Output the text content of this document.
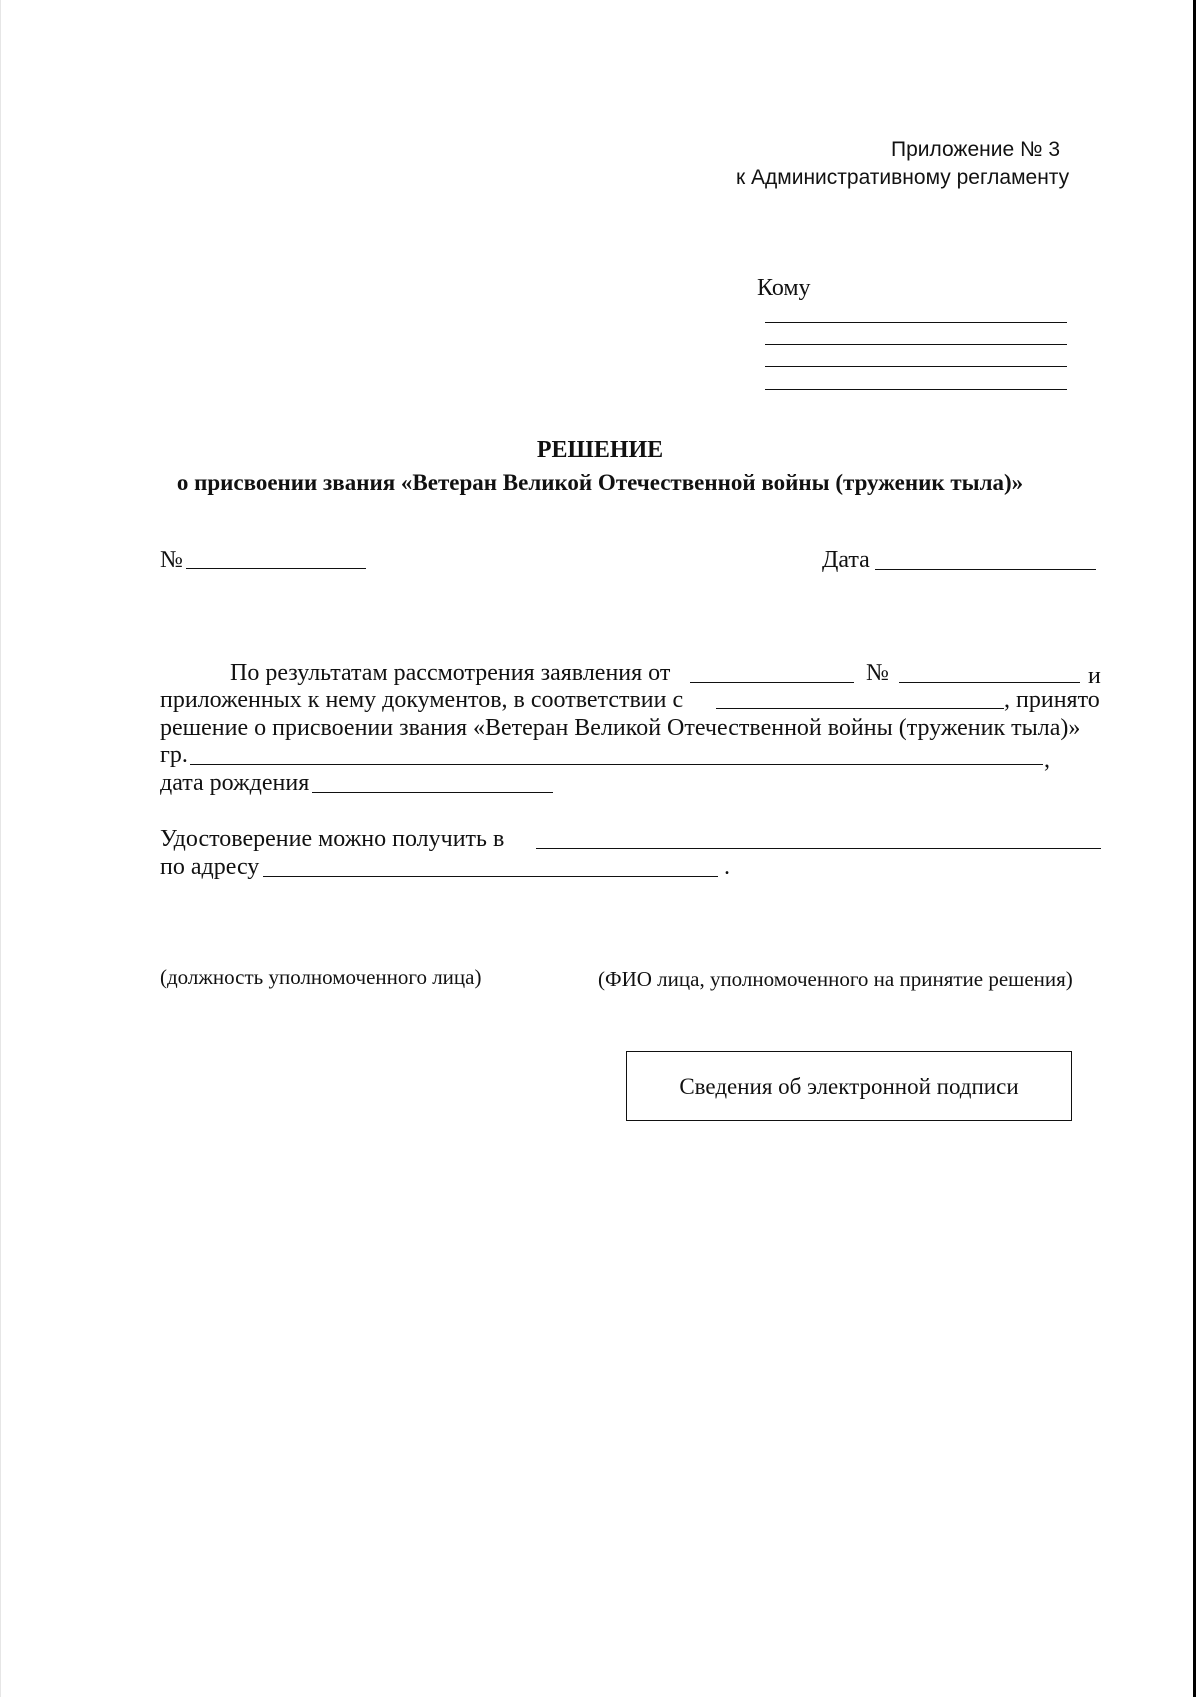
Приложение № 3
к Административному регламенту
Кому
РЕШЕНИЕ
о присвоении звания «Ветеран Великой Отечественной войны (труженик тыла)»
№	Дата
По результатам рассмотрения заявления от	№	и
приложенных к нему документов, в соответствии с	, принято
решение о присвоении звания «Ветеран Великой Отечественной войны (труженик тыла)»
гр.	,
дата рождения
Удостоверение можно получить в
по адресу	.
(должность уполномоченного лица)	(ФИО лица, уполномоченного на принятие решения)
Сведения об электронной подписи
